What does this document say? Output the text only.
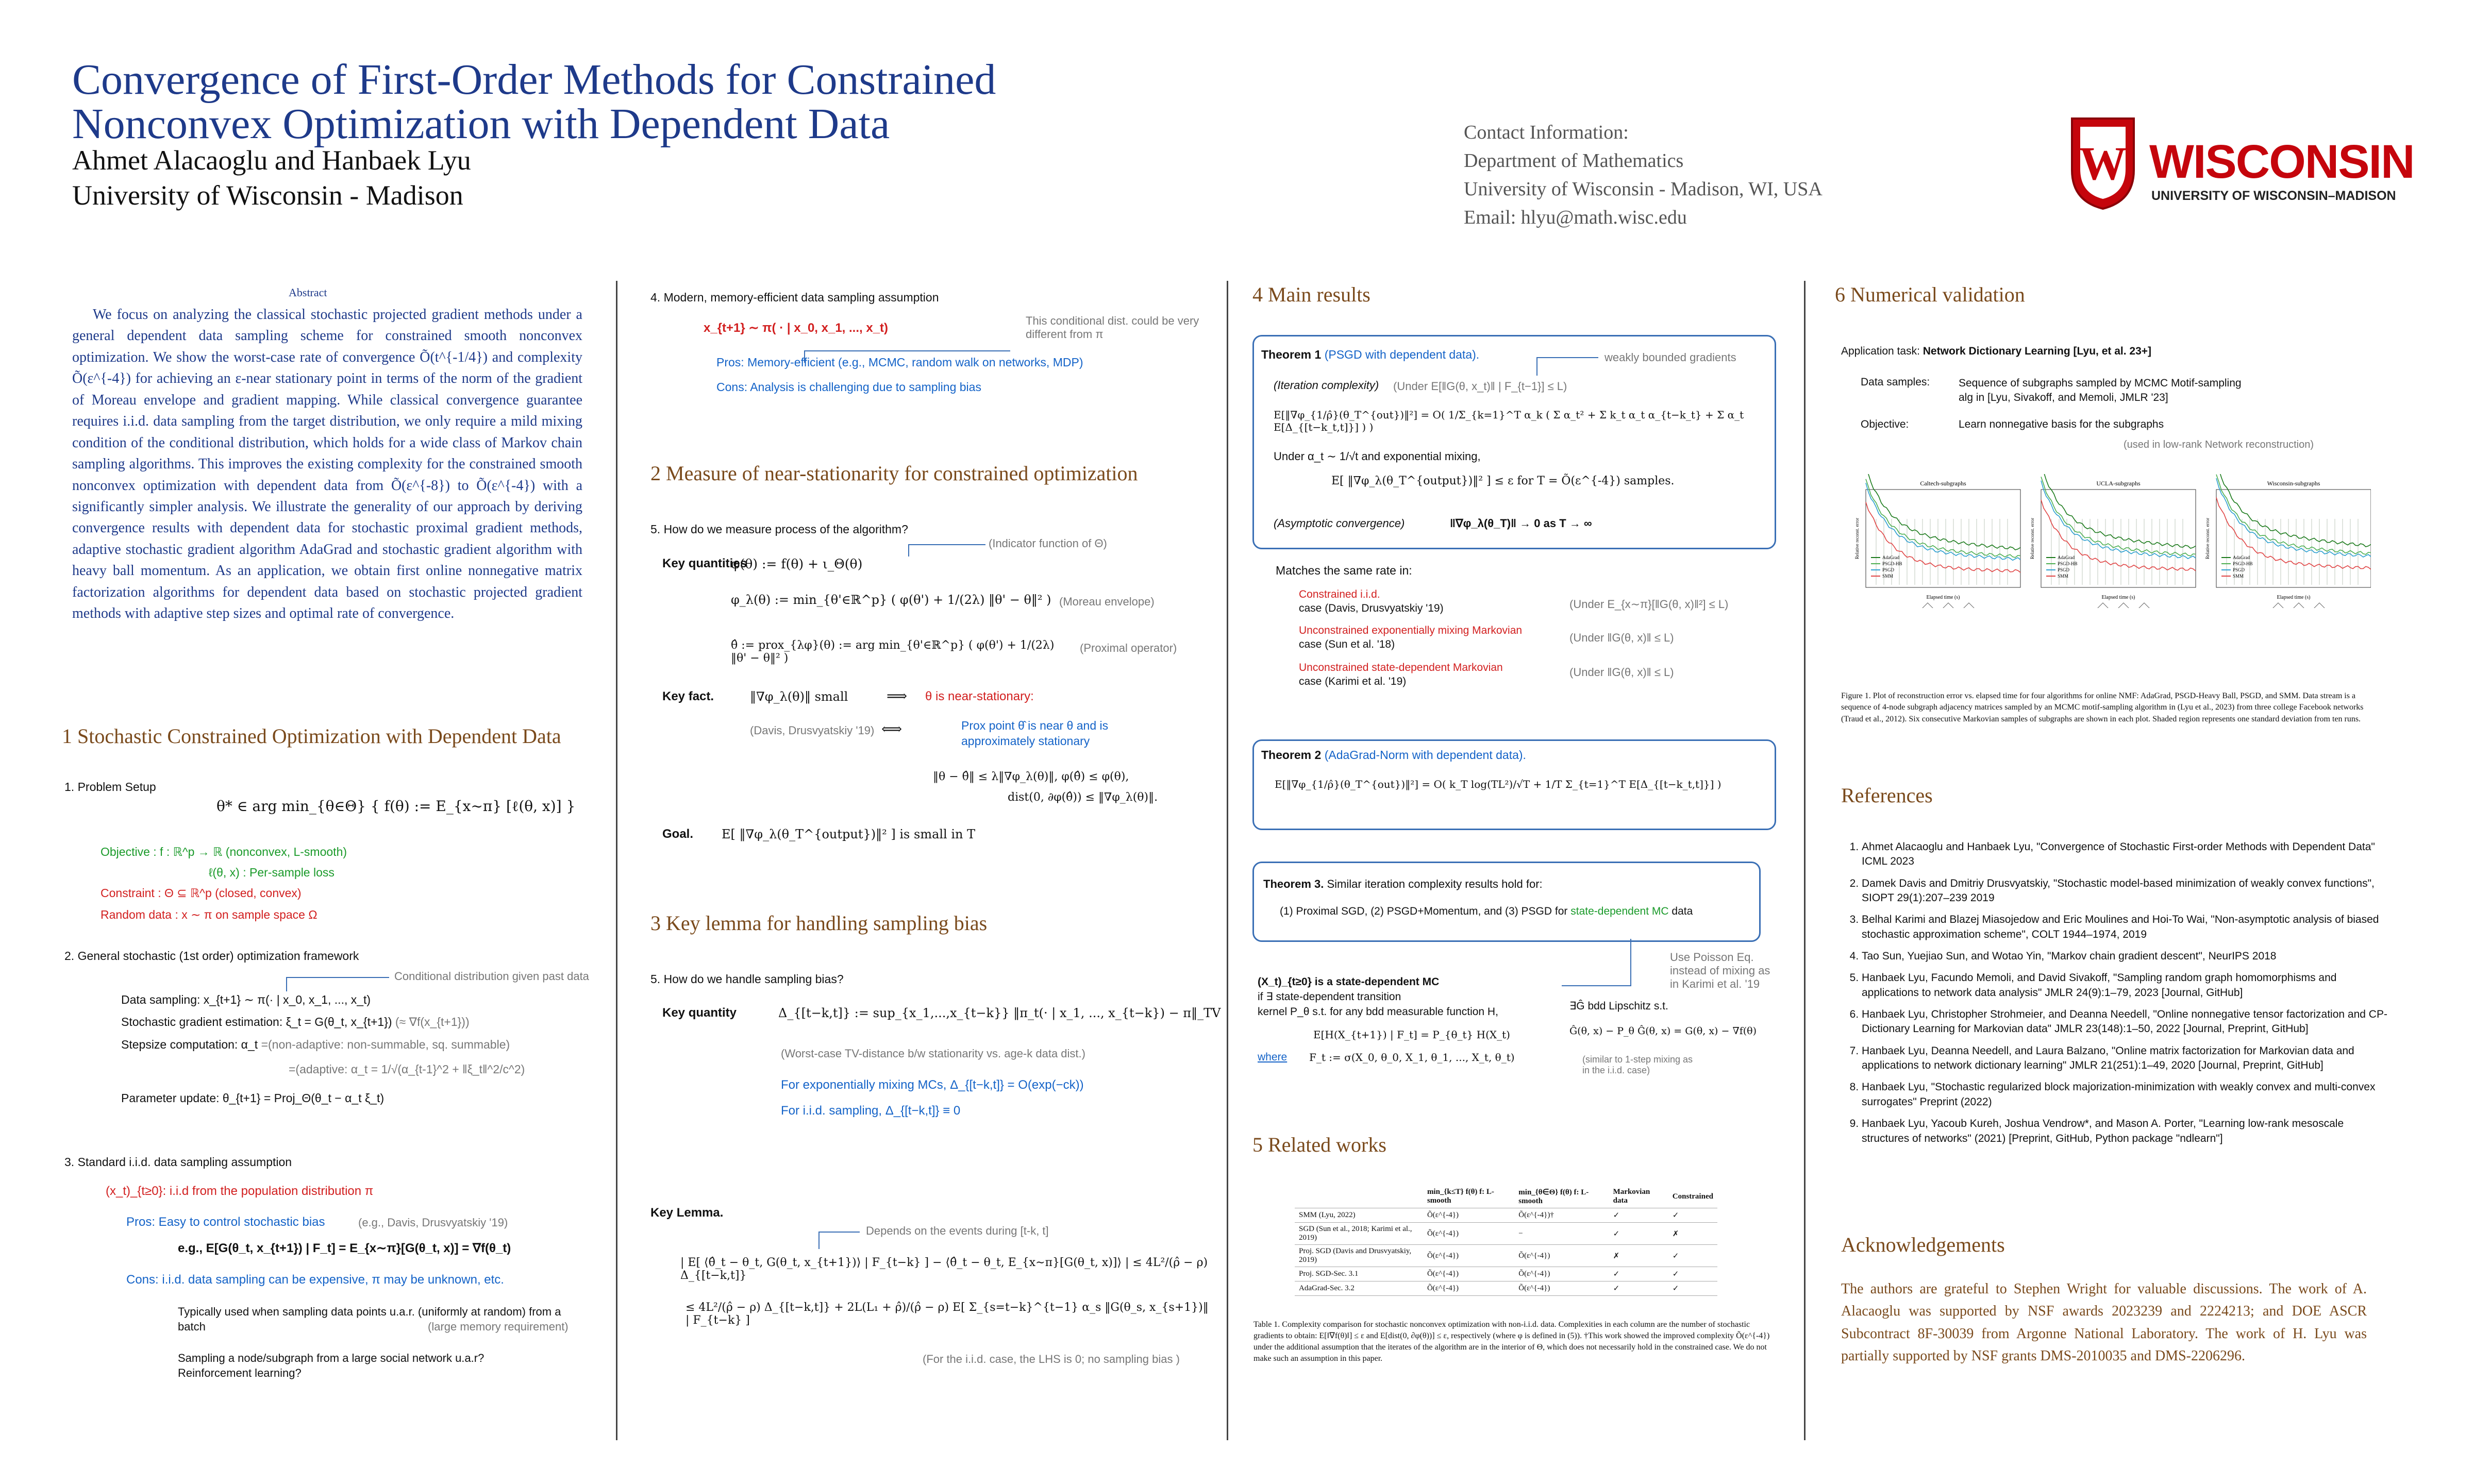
Convergence of First-Order Methods for Constrained
Nonconvex Optimization with Dependent Data
Ahmet Alacaoglu and Hanbaek Lyu
University of Wisconsin - Madison
Contact Information:
Department of Mathematics
University of Wisconsin - Madison, WI, USA
Email: hlyu@math.wisc.edu
W WISCONSIN
UNIVERSITY OF WISCONSIN–MADISON
Abstract
We focus on analyzing the classical stochastic projected gradient methods under a general dependent data sampling scheme for constrained smooth nonconvex optimization. We show the worst-case rate of convergence Õ(t^{-1/4}) and complexity Õ(ε^{-4}) for achieving an ε-near stationary point in terms of the norm of the gradient of Moreau envelope and gradient mapping. While classical convergence guarantee requires i.i.d. data sampling from the target distribution, we only require a mild mixing condition of the conditional distribution, which holds for a wide class of Markov chain sampling algorithms. This improves the existing complexity for the constrained smooth nonconvex optimization with dependent data from Õ(ε^{-8}) to Õ(ε^{-4}) with a significantly simpler analysis. We illustrate the generality of our approach by deriving convergence results with dependent data for stochastic proximal gradient methods, adaptive stochastic gradient algorithm AdaGrad and stochastic gradient algorithm with heavy ball momentum. As an application, we obtain first online nonnegative matrix factorization algorithms for dependent data based on stochastic projected gradient methods with adaptive step sizes and optimal rate of convergence.
1 Stochastic Constrained Optimization with Dependent Data
1. Problem Setup
θ* ∈ arg min_{θ∈Θ} { f(θ) := E_{x∼π} [ℓ(θ, x)] }
Objective : f : ℝ^p → ℝ (nonconvex, L-smooth)
ℓ(θ, x) : Per-sample loss
Constraint : Θ ⊆ ℝ^p (closed, convex)
Random data : x ∼ π on sample space Ω
2. General stochastic (1st order) optimization framework
Conditional distribution given past data
Data sampling: x_{t+1} ∼ π(· | x_0, x_1, ..., x_t)
Stochastic gradient estimation: ξ_t = G(θ_t, x_{t+1}) (≈ ∇f(x_{t+1}))
Stepsize computation: α_t =(non-adaptive: non-summable, sq. summable)
=(adaptive: α_t = 1/√(α_{t-1}^2 + ‖ξ_t‖^2/c^2)
Parameter update: θ_{t+1} = Proj_Θ(θ_t − α_t ξ_t)
3. Standard i.i.d. data sampling assumption
(x_t)_{t≥0}: i.i.d from the population distribution π
Pros: Easy to control stochastic bias	(e.g., Davis, Drusvyatskiy '19)
e.g., E[G(θ_t, x_{t+1}) | F_t] = E_{x∼π}[G(θ_t, x)] = ∇f(θ_t)
Cons: i.i.d. data sampling can be expensive, π may be unknown, etc.
Typically used when sampling data points u.a.r. (uniformly at random) from a batch	(large memory requirement)
Sampling a node/subgraph from a large social network u.a.r? Reinforcement learning?
4. Modern, memory-efficient data sampling assumption
x_{t+1} ∼ π( · | x_0, x_1, ..., x_t)
This conditional dist. could be very different from π
Pros: Memory-efficient (e.g., MCMC, random walk on networks, MDP)
Cons: Analysis is challenging due to sampling bias
2 Measure of near-stationarity for constrained optimization
5. How do we measure process of the algorithm?
(Indicator function of Θ)
Key quantities
φ(θ) := f(θ) + ι_Θ(θ)
φ_λ(θ) := min_{θ'∈ℝ^p} ( φ(θ') + 1/(2λ) ‖θ' − θ‖² ) (Moreau envelope)
θ̂ := prox_{λφ}(θ) := arg min_{θ'∈ℝ^p} ( φ(θ') + 1/(2λ) ‖θ' − θ‖² )
(Proximal operator)
Key fact.	‖∇φ_λ(θ)‖ small	⟹ θ is near-stationary:
(Davis, Drusvyatskiy '19) ⟺	Prox point θ̂ is near θ and is approximately stationary
‖θ − θ̂‖ ≤ λ‖∇φ_λ(θ)‖, φ(θ̂) ≤ φ(θ),
dist(0, ∂φ(θ̂)) ≤ ‖∇φ_λ(θ)‖.
Goal. E[ ‖∇φ_λ(θ_T^{output})‖² ] is small in T
3 Key lemma for handling sampling bias
5. How do we handle sampling bias?
Key quantity	Δ_{[t−k,t]} := sup_{x_1,...,x_{t−k}} ‖π_t(· | x_1, ..., x_{t−k}) − π‖_TV
(Worst-case TV-distance b/w stationarity vs. age-k data dist.)
For exponentially mixing MCs, Δ_{[t−k,t]} = O(exp(−ck))
For i.i.d. sampling, Δ_{[t−k,t]} ≡ 0
Key Lemma.
Depends on the events during [t-k, t]
| E[ ⟨θ̂_t − θ_t, G(θ_t, x_{t+1})⟩ | F_{t−k} ] − ⟨θ̂_t − θ_t, E_{x∼π}[G(θ_t, x)]⟩ | ≤ 4L²/(ρ̂ − ρ) Δ_{[t−k,t]}
≤ 4L²/(ρ̂ − ρ) Δ_{[t−k,t]} + 2L(L₁ + ρ̂)/(ρ̂ − ρ) E[ Σ_{s=t−k}^{t−1} α_s ‖G(θ_s, x_{s+1})‖ | F_{t−k} ]
(For the i.i.d. case, the LHS is 0; no sampling bias )
4 Main results
Theorem 1 (PSGD with dependent data).	weakly bounded gradients
(Iteration complexity) (Under E[‖G(θ, x_t)‖ | F_{t−1}] ≤ L)
E[‖∇φ_{1/ρ̂}(θ_T^{out})‖²] = O( 1/Σ_{k=1}^T α_k ( Σ α_t² + Σ k_t α_t α_{t−k_t} + Σ α_t E[Δ_{[t−k_t,t]}] ) )
Under α_t ∼ 1/√t and exponential mixing,
E[ ‖∇φ_λ(θ_T^{output})‖² ] ≤ ε for T = Õ(ε^{-4}) samples.
(Asymptotic convergence)	‖∇φ_λ(θ_T)‖ → 0 as T → ∞
Matches the same rate in:
Constrained i.i.d.
case (Davis, Drusvyatskiy '19)	(Under E_{x∼π}[‖G(θ, x)‖²] ≤ L)
Unconstrained exponentially mixing Markovian
case (Sun et al. '18)
(Under ‖G(θ, x)‖ ≤ L)
Unconstrained state-dependent Markovian
case (Karimi et al. '19)
(Under ‖G(θ, x)‖ ≤ L)
Theorem 2 (AdaGrad-Norm with dependent data).
E[‖∇φ_{1/ρ̂}(θ_T^{out})‖²] = O( k_T log(TL²)/√T + 1/T Σ_{t=1}^T E[Δ_{[t−k_t,t]}] )
Theorem 3. Similar iteration complexity results hold for:
(1) Proximal SGD, (2) PSGD+Momentum, and (3) PSGD for state-dependent MC data
Use Poisson Eq. instead of mixing as in Karimi et al. '19
(X_t)_{t≥0} is a state-dependent MC
if ∃ state-dependent transition
kernel P_θ s.t. for any bdd measurable function H,
E[H(X_{t+1}) | F_t] = P_{θ_t} H(X_t)
where F_t := σ(X_0, θ_0, X_1, θ_1, ..., X_t, θ_t)
∃Ĝ bdd Lipschitz s.t.
Ĝ(θ, x) − P_θ Ĝ(θ, x) = G(θ, x) − ∇f(θ)
(similar to 1-step mixing as in the i.i.d. case)
5 Related works
	min_{k≤T} f(θ) f: L-smooth	min_{θ∈Θ} f(θ) f: L-smooth	Markovian data	Constrained
SMM (Lyu, 2022)	Õ(ε^{-4})	Õ(ε^{-4})†	✓	✓
SGD (Sun et al., 2018; Karimi et al., 2019)	Õ(ε^{-4})	−	✓	✗
Proj. SGD (Davis and Drusvyatskiy, 2019)	Õ(ε^{-4})	Õ(ε^{-4})	✗	✓
Proj. SGD-Sec. 3.1	Õ(ε^{-4})	Õ(ε^{-4})	✓	✓
AdaGrad-Sec. 3.2	Õ(ε^{-4})	Õ(ε^{-4})	✓	✓
Table 1. Complexity comparison for stochastic nonconvex optimization with non-i.i.d. data. Complexities in each column are the number of stochastic gradients to obtain: E[‖∇f(θ)‖] ≤ ε and E[dist(0, ∂φ(θ))] ≤ ε, respectively (where φ is defined in (5)). †This work showed the improved complexity Õ(ε^{-4}) under the additional assumption that the iterates of the algorithm are in the interior of Θ, which does not necessarily hold in the constrained case. We do not make such an assumption in this paper.
6 Numerical validation
Application task: Network Dictionary Learning [Lyu, et al. 23+]
Data samples:	Sequence of subgraphs sampled by MCMC Motif-sampling alg in [Lyu, Sivakoff, and Memoli, JMLR '23]
Objective:	Learn nonnegative basis for the subgraphs
(used in low-rank Network reconstruction)
Caltech-subgraphs
Elapsed time (s)
Relative reconst. error	AdaGrad
PSGD-HB
PSGD
SMM
UCLA-subgraphs
Elapsed time (s)
Relative reconst. error	AdaGrad
PSGD-HB
PSGD
SMM
Wisconsin-subgraphs
Elapsed time (s)
Relative reconst. error	AdaGrad
PSGD-HB
PSGD
SMM
Figure 1. Plot of reconstruction error vs. elapsed time for four algorithms for online NMF: AdaGrad, PSGD-Heavy Ball, PSGD, and SMM. Data stream is a sequence of 4-node subgraph adjacency matrices sampled by an MCMC motif-sampling algorithm in (Lyu et al., 2023) from three college Facebook networks (Traud et al., 2012). Six consecutive Markovian samples of subgraphs are shown in each plot. Shaded region represents one standard deviation from ten runs.
References
1. Ahmet Alacaoglu and Hanbaek Lyu, "Convergence of Stochastic First-order Methods with Dependent Data" ICML 2023
2. Damek Davis and Dmitriy Drusvyatskiy, "Stochastic model-based minimization of weakly convex functions", SIOPT 29(1):207–239 2019
3. Belhal Karimi and Blazej Miasojedow and Eric Moulines and Hoi-To Wai, "Non-asymptotic analysis of biased stochastic approximation scheme", COLT 1944–1974, 2019
4. Tao Sun, Yuejiao Sun, and Wotao Yin, "Markov chain gradient descent", NeurIPS 2018
5. Hanbaek Lyu, Facundo Memoli, and David Sivakoff, "Sampling random graph homomorphisms and applications to network data analysis" JMLR 24(9):1–79, 2023 [Journal, GitHub]
6. Hanbaek Lyu, Christopher Strohmeier, and Deanna Needell, "Online nonnegative tensor factorization and CP-Dictionary Learning for Markovian data" JMLR 23(148):1–50, 2022 [Journal, Preprint, GitHub]
7. Hanbaek Lyu, Deanna Needell, and Laura Balzano, "Online matrix factorization for Markovian data and applications to network dictionary learning" JMLR 21(251):1–49, 2020 [Journal, Preprint, GitHub]
8. Hanbaek Lyu, "Stochastic regularized block majorization-minimization with weakly convex and multi-convex surrogates" Preprint (2022)
9. Hanbaek Lyu, Yacoub Kureh, Joshua Vendrow*, and Mason A. Porter, "Learning low-rank mesoscale structures of networks" (2021) [Preprint, GitHub, Python package "ndlearn"]
Acknowledgements
The authors are grateful to Stephen Wright for valuable discussions. The work of A. Alacaoglu was supported by NSF awards 2023239 and 2224213; and DOE ASCR Subcontract 8F-30039 from Argonne National Laboratory. The work of H. Lyu was partially supported by NSF grants DMS-2010035 and DMS-2206296.
